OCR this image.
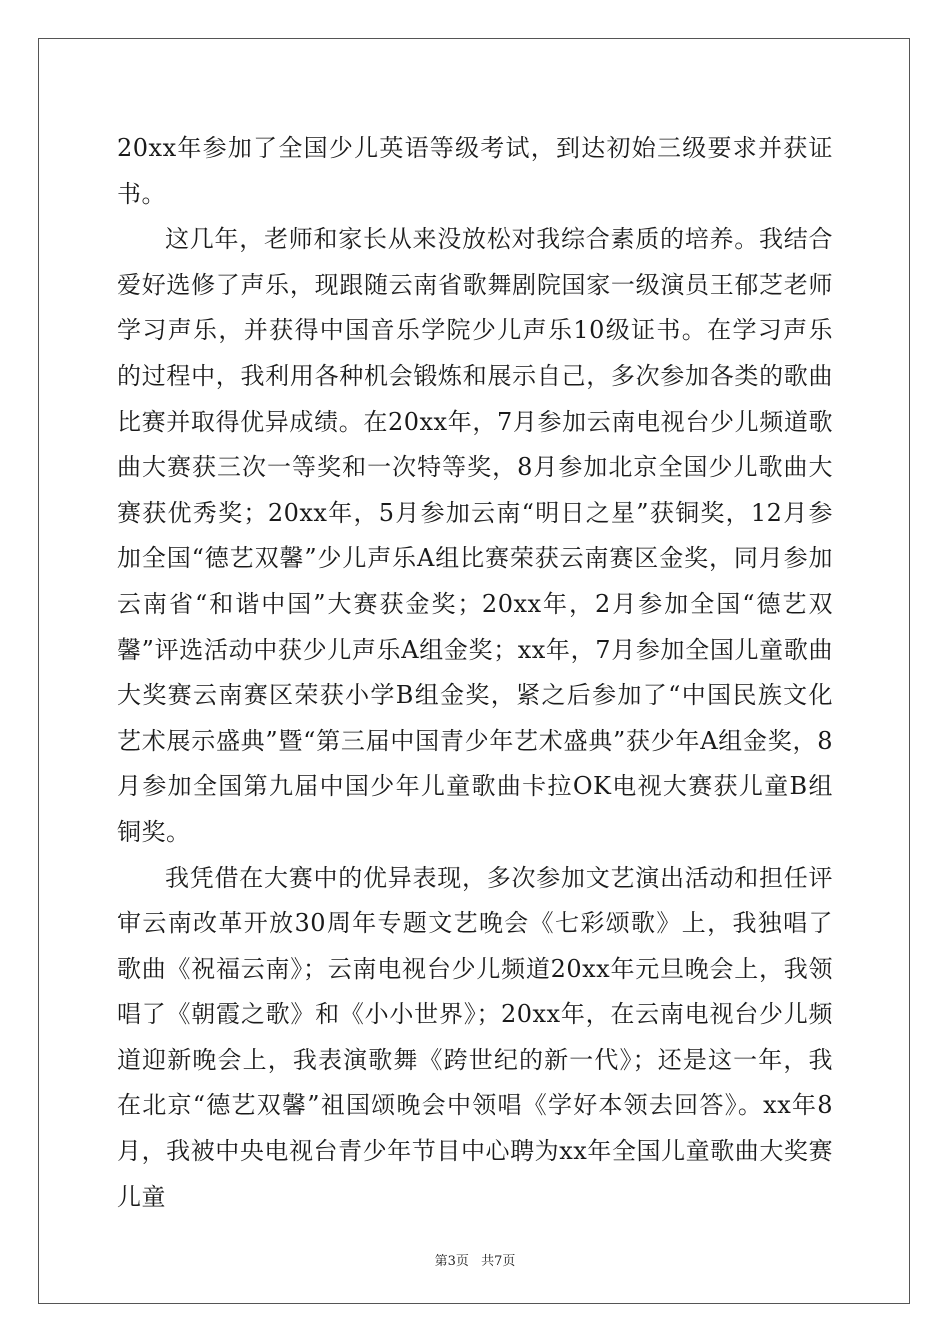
20xx年参加了全国少儿英语等级考试，到达初始三级要求并获证书。

这几年，老师和家长从来没放松对我综合素质的培养。我结合爱好选修了声乐，现跟随云南省歌舞剧院国家一级演员王郁芝老师学习声乐，并获得中国音乐学院少儿声乐10级证书。在学习声乐的过程中，我利用各种机会锻炼和展示自己，多次参加各类的歌曲比赛并取得优异成绩。在20xx年，7月参加云南电视台少儿频道歌曲大赛获三次一等奖和一次特等奖，8月参加北京全国少儿歌曲大赛获优秀奖；20xx年，5月参加云南“明日之星”获铜奖，12月参加全国“德艺双馨”少儿声乐A组比赛荣获云南赛区金奖，同月参加云南省“和谐中国”大赛获金奖；20xx年，2月参加全国“德艺双馨”评选活动中获少儿声乐A组金奖；xx年，7月参加全国儿童歌曲大奖赛云南赛区荣获小学B组金奖，紧之后参加了“中国民族文化艺术展示盛典”暨“第三届中国青少年艺术盛典”获少年A组金奖，8月参加全国第九届中国少年儿童歌曲卡拉OK电视大赛获儿童B组铜奖。

我凭借在大赛中的优异表现，多次参加文艺演出活动和担任评审云南改革开放30周年专题文艺晚会《七彩颂歌》上，我独唱了歌曲《祝福云南》；云南电视台少儿频道20xx年元旦晚会上，我领唱了《朝霞之歌》和《小小世界》；20xx年，在云南电视台少儿频道迎新晚会上，我表演歌舞《跨世纪的新一代》；还是这一年，我在北京“德艺双馨”祖国颂晚会中领唱《学好本领去回答》。xx年8月，我被中央电视台青少年节目中心聘为xx年全国儿童歌曲大奖赛儿童

第3页 共7页
